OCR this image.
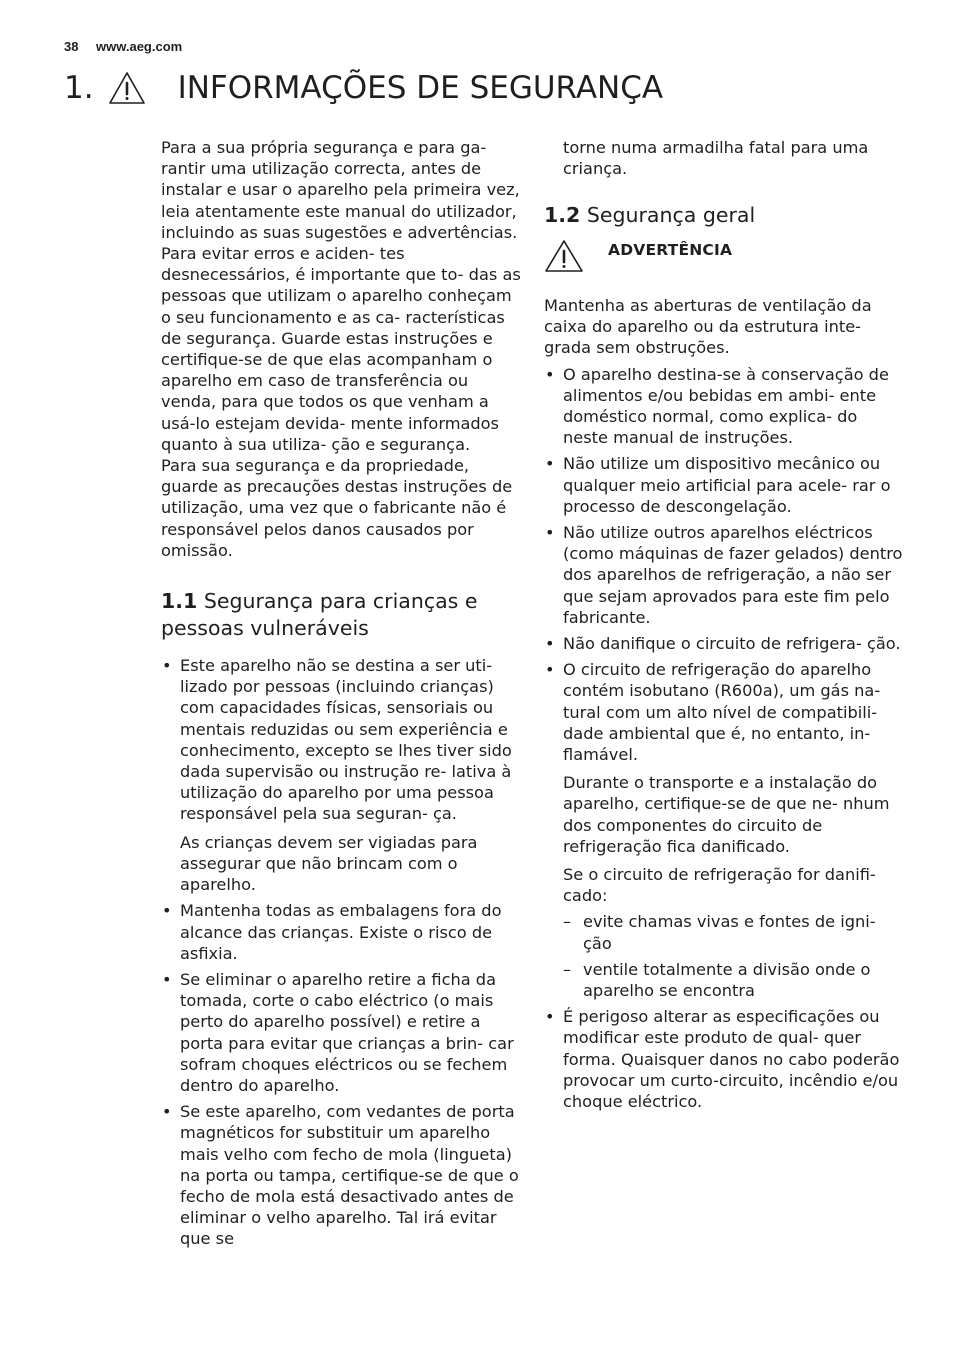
38 www.aeg.com
1.	INFORMAÇÕES DE SEGURANÇA

Para a sua própria segurança e para ga- rantir uma utilização correcta, antes de instalar e usar o aparelho pela primeira vez, leia atentamente este manual do utilizador, incluindo as suas sugestões e advertências. Para evitar erros e aciden- tes desnecessários, é importante que to- das as pessoas que utilizam o aparelho conheçam o seu funcionamento e as ca- racterísticas de segurança. Guarde estas instruções e certifique-se de que elas acompanham o aparelho em caso de transferência ou venda, para que todos os que venham a usá-lo estejam devida- mente informados quanto à sua utiliza- ção e segurança.

Para sua segurança e da propriedade, guarde as precauções destas instruções de utilização, uma vez que o fabricante não é responsável pelos danos causados por omissão.

1.1 Segurança para crianças e pessoas vulneráveis
• Este aparelho não se destina a ser uti- lizado por pessoas (incluindo crianças) com capacidades físicas, sensoriais ou mentais reduzidas ou sem experiência e conhecimento, excepto se lhes tiver sido dada supervisão ou instrução re- lativa à utilização do aparelho por uma pessoa responsável pela sua seguran- ça.

As crianças devem ser vigiadas para assegurar que não brincam com o aparelho.

• Mantenha todas as embalagens fora do alcance das crianças. Existe o risco de asfixia.
• Se eliminar o aparelho retire a ficha da tomada, corte o cabo eléctrico (o mais perto do aparelho possível) e retire a porta para evitar que crianças a brin- car sofram choques eléctricos ou se fechem dentro do aparelho.
• Se este aparelho, com vedantes de porta magnéticos for substituir um aparelho mais velho com fecho de mola (lingueta) na porta ou tampa, certifique-se de que o fecho de mola está desactivado antes de eliminar o velho aparelho. Tal irá evitar que se

torne numa armadilha fatal para uma criança.

1.2 Segurança geral
ADVERTÊNCIA

Mantenha as aberturas de ventilação da caixa do aparelho ou da estrutura inte- grada sem obstruções.

• O aparelho destina-se à conservação de alimentos e/ou bebidas em ambi- ente doméstico normal, como explica- do neste manual de instruções.
• Não utilize um dispositivo mecânico ou qualquer meio artificial para acele- rar o processo de descongelação.
• Não utilize outros aparelhos eléctricos (como máquinas de fazer gelados) dentro dos aparelhos de refrigeração, a não ser que sejam aprovados para este fim pelo fabricante.
• Não danifique o circuito de refrigera- ção.
• O circuito de refrigeração do aparelho contém isobutano (R600a), um gás na- tural com um alto nível de compatibili- dade ambiental que é, no entanto, in- flamável.

Durante o transporte e a instalação do aparelho, certifique-se de que ne- nhum dos componentes do circuito de refrigeração fica danificado.

Se o circuito de refrigeração for danifi- cado:

– evite chamas vivas e fontes de igni- ção
– ventile totalmente a divisão onde o aparelho se encontra
• É perigoso alterar as especificações ou modificar este produto de qual- quer forma. Quaisquer danos no cabo poderão provocar um curto-circuito, incêndio e/ou choque eléctrico.
